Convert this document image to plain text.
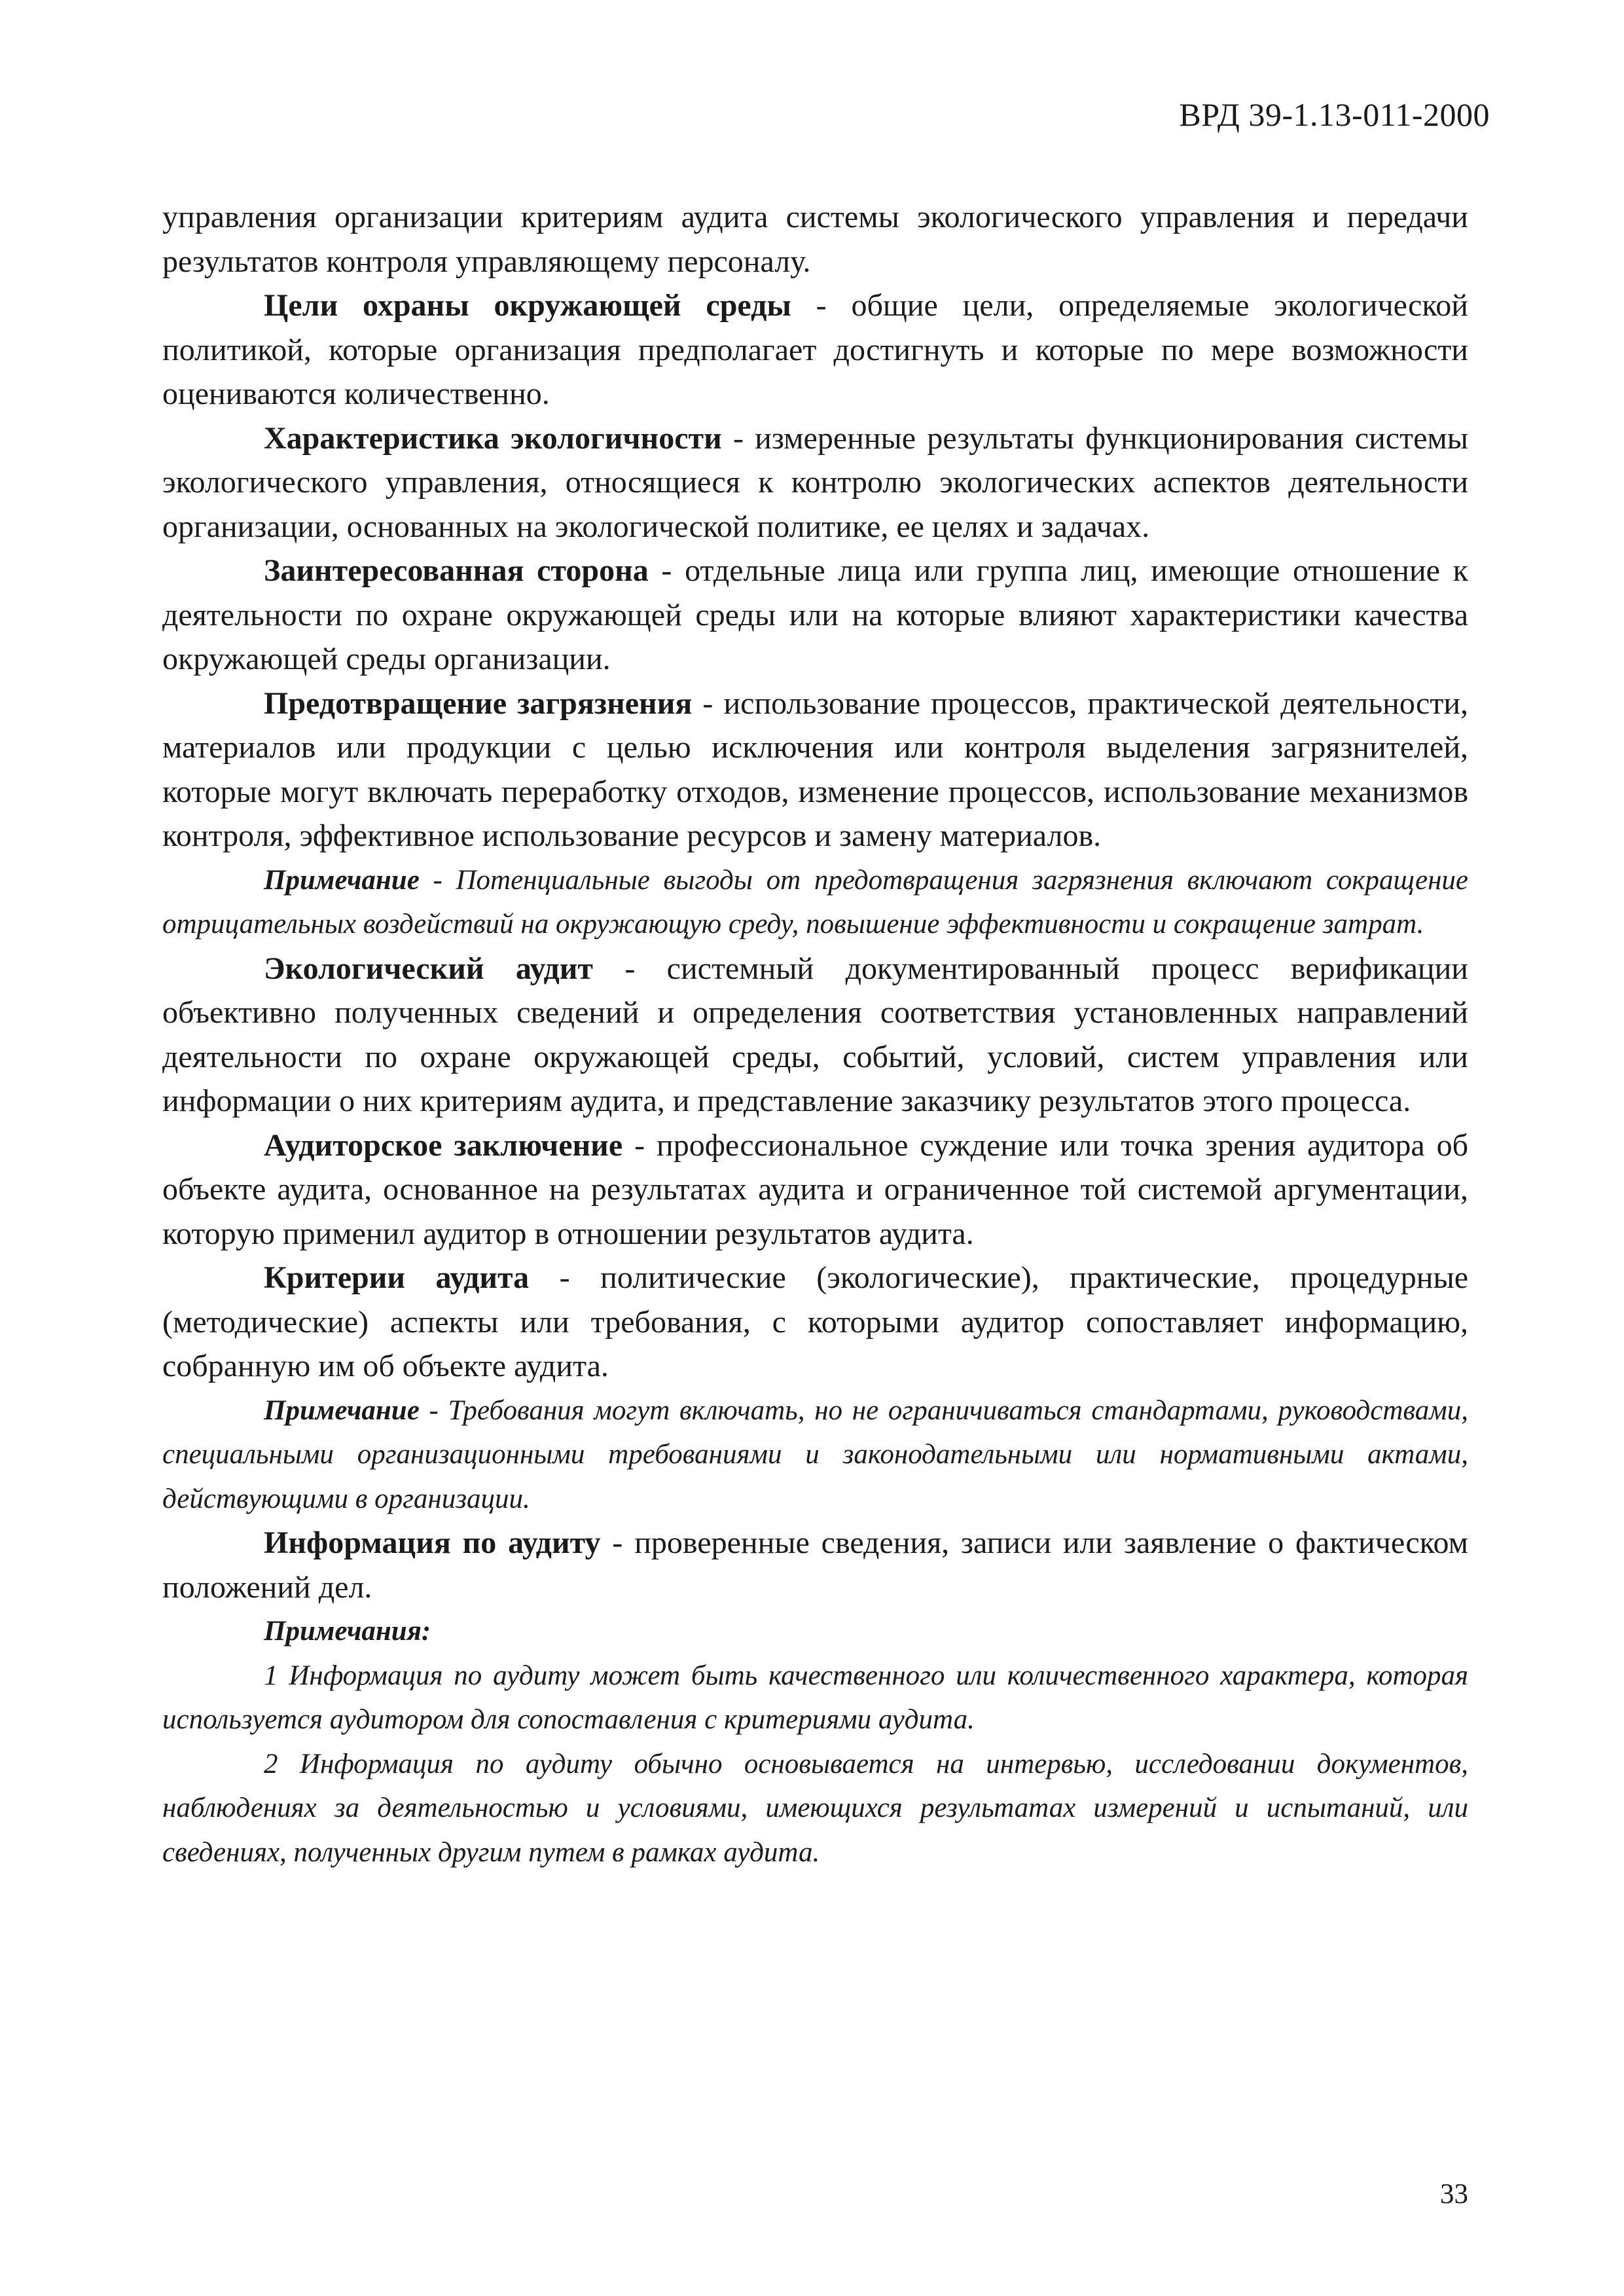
ВРД 39-1.13-011-2000

управления организации критериям аудита системы экологического управления и передачи результатов контроля управляющему персоналу.

Цели охраны окружающей среды - общие цели, определяемые экологической политикой, которые организация предполагает достигнуть и которые по мере возможности оцениваются количественно.

Характеристика экологичности - измеренные результаты функционирования системы экологического управления, относящиеся к контролю экологических аспектов деятельности организации, основанных на экологической политике, ее целях и задачах.

Заинтересованная сторона - отдельные лица или группа лиц, имеющие отношение к деятельности по охране окружающей среды или на которые влияют характеристики качества окружающей среды организации.

Предотвращение загрязнения - использование процессов, практической деятельности, материалов или продукции с целью исключения или контроля выделения загрязнителей, которые могут включать переработку отходов, изменение процессов, использование механизмов контроля, эффективное использование ресурсов и замену материалов.

Примечание - Потенциальные выгоды от предотвращения загрязнения включают сокращение отрицательных воздействий на окружающую среду, повышение эффективности и сокращение затрат.

Экологический аудит - системный документированный процесс верификации объективно полученных сведений и определения соответствия установленных направлений деятельности по охране окружающей среды, событий, условий, систем управления или информации о них критериям аудита, и представление заказчику результатов этого процесса.

Аудиторское заключение - профессиональное суждение или точка зрения аудитора об объекте аудита, основанное на результатах аудита и ограниченное той системой аргументации, которую применил аудитор в отношении результатов аудита.

Критерии аудита - политические (экологические), практические, процедурные (методические) аспекты или требования, с которыми аудитор сопоставляет информацию, собранную им об объекте аудита.

Примечание - Требования могут включать, но не ограничиваться стандартами, руководствами, специальными организационными требованиями и законодательными или нормативными актами, действующими в организации.

Информация по аудиту - проверенные сведения, записи или заявление о фактическом положений дел.

Примечания:

1 Информация по аудиту может быть качественного или количественного характера, которая используется аудитором для сопоставления с критериями аудита.

2 Информация по аудиту обычно основывается на интервью, исследовании документов, наблюдениях за деятельностью и условиями, имеющихся результатах измерений и испытаний, или сведениях, полученных другим путем в рамках аудита.

33
